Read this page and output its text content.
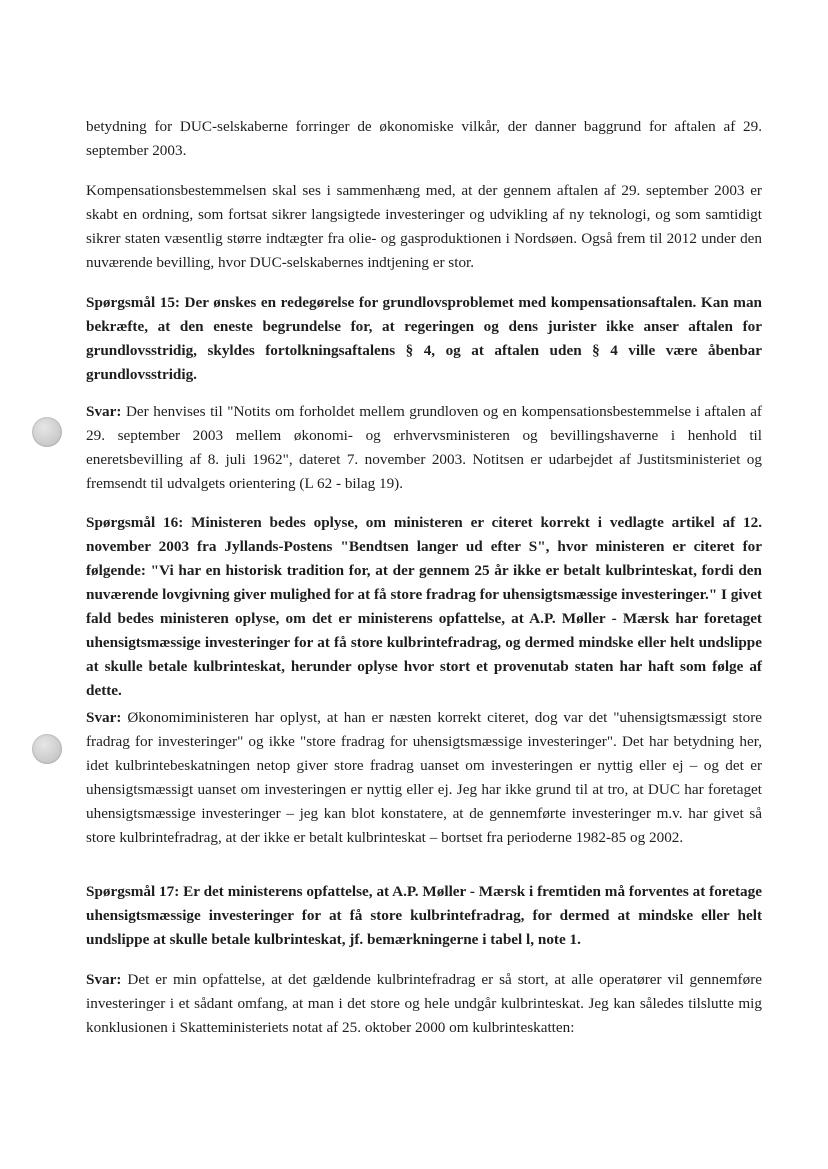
betydning for DUC-selskaberne forringer de økonomiske vilkår, der danner baggrund for aftalen af 29. september 2003.

Kompensationsbestemmelsen skal ses i sammenhæng med, at der gennem aftalen af 29. september 2003 er skabt en ordning, som fortsat sikrer langsigtede investeringer og udvikling af ny teknologi, og som samtidigt sikrer staten væsentlig større indtægter fra olie- og gasproduktionen i Nordsøen. Også frem til 2012 under den nuværende bevilling, hvor DUC-selskabernes indtjening er stor.

Spørgsmål 15: Der ønskes en redegørelse for grundlovsproblemet med kompensationsaftalen. Kan man bekræfte, at den eneste begrundelse for, at regeringen og dens jurister ikke anser aftalen for grundlovsstridig, skyldes fortolkningsaftalens § 4, og at aftalen uden § 4 ville være åbenbar grundlovsstridig.

Svar: Der henvises til "Notits om forholdet mellem grundloven og en kompensationsbestemmelse i aftalen af 29. september 2003 mellem økonomi- og erhvervsministeren og bevillingshaverne i henhold til eneretsbevilling af 8. juli 1962", dateret 7. november 2003. Notitsen er udarbejdet af Justitsministeriet og fremsendt til udvalgets orientering (L 62 - bilag 19).

Spørgsmål 16: Ministeren bedes oplyse, om ministeren er citeret korrekt i vedlagte artikel af 12. november 2003 fra Jyllands-Postens "Bendtsen langer ud efter S", hvor ministeren er citeret for følgende: "Vi har en historisk tradition for, at der gennem 25 år ikke er betalt kulbrinteskat, fordi den nuværende lovgivning giver mulighed for at få store fradrag for uhensigtsmæssige investeringer." I givet fald bedes ministeren oplyse, om det er ministerens opfattelse, at A.P. Møller - Mærsk har foretaget uhensigtsmæssige investeringer for at få store kulbrintefradrag, og dermed mindske eller helt undslippe at skulle betale kulbrinteskat, herunder oplyse hvor stort et provenutab staten har haft som følge af dette.

Svar: Økonomiministeren har oplyst, at han er næsten korrekt citeret, dog var det "uhensigtsmæssigt store fradrag for investeringer" og ikke "store fradrag for uhensigtsmæssige investeringer". Det har betydning her, idet kulbrintebeskatningen netop giver store fradrag uanset om investeringen er nyttig eller ej – og det er uhensigtsmæssigt uanset om investeringen er nyttig eller ej. Jeg har ikke grund til at tro, at DUC har foretaget uhensigtsmæssige investeringer – jeg kan blot konstatere, at de gennemførte investeringer m.v. har givet så store kulbrintefradrag, at der ikke er betalt kulbrinteskat – bortset fra perioderne 1982-85 og 2002.

Spørgsmål 17: Er det ministerens opfattelse, at A.P. Møller - Mærsk i fremtiden må forventes at foretage uhensigtsmæssige investeringer for at få store kulbrintefradrag, for dermed at mindske eller helt undslippe at skulle betale kulbrinteskat, jf. bemærkningerne i tabel l, note 1.

Svar: Det er min opfattelse, at det gældende kulbrintefradrag er så stort, at alle operatører vil gennemføre investeringer i et sådant omfang, at man i det store og hele undgår kulbrinteskat. Jeg kan således tilslutte mig konklusionen i Skatteministeriets notat af 25. oktober 2000 om kulbrinteskatten:
